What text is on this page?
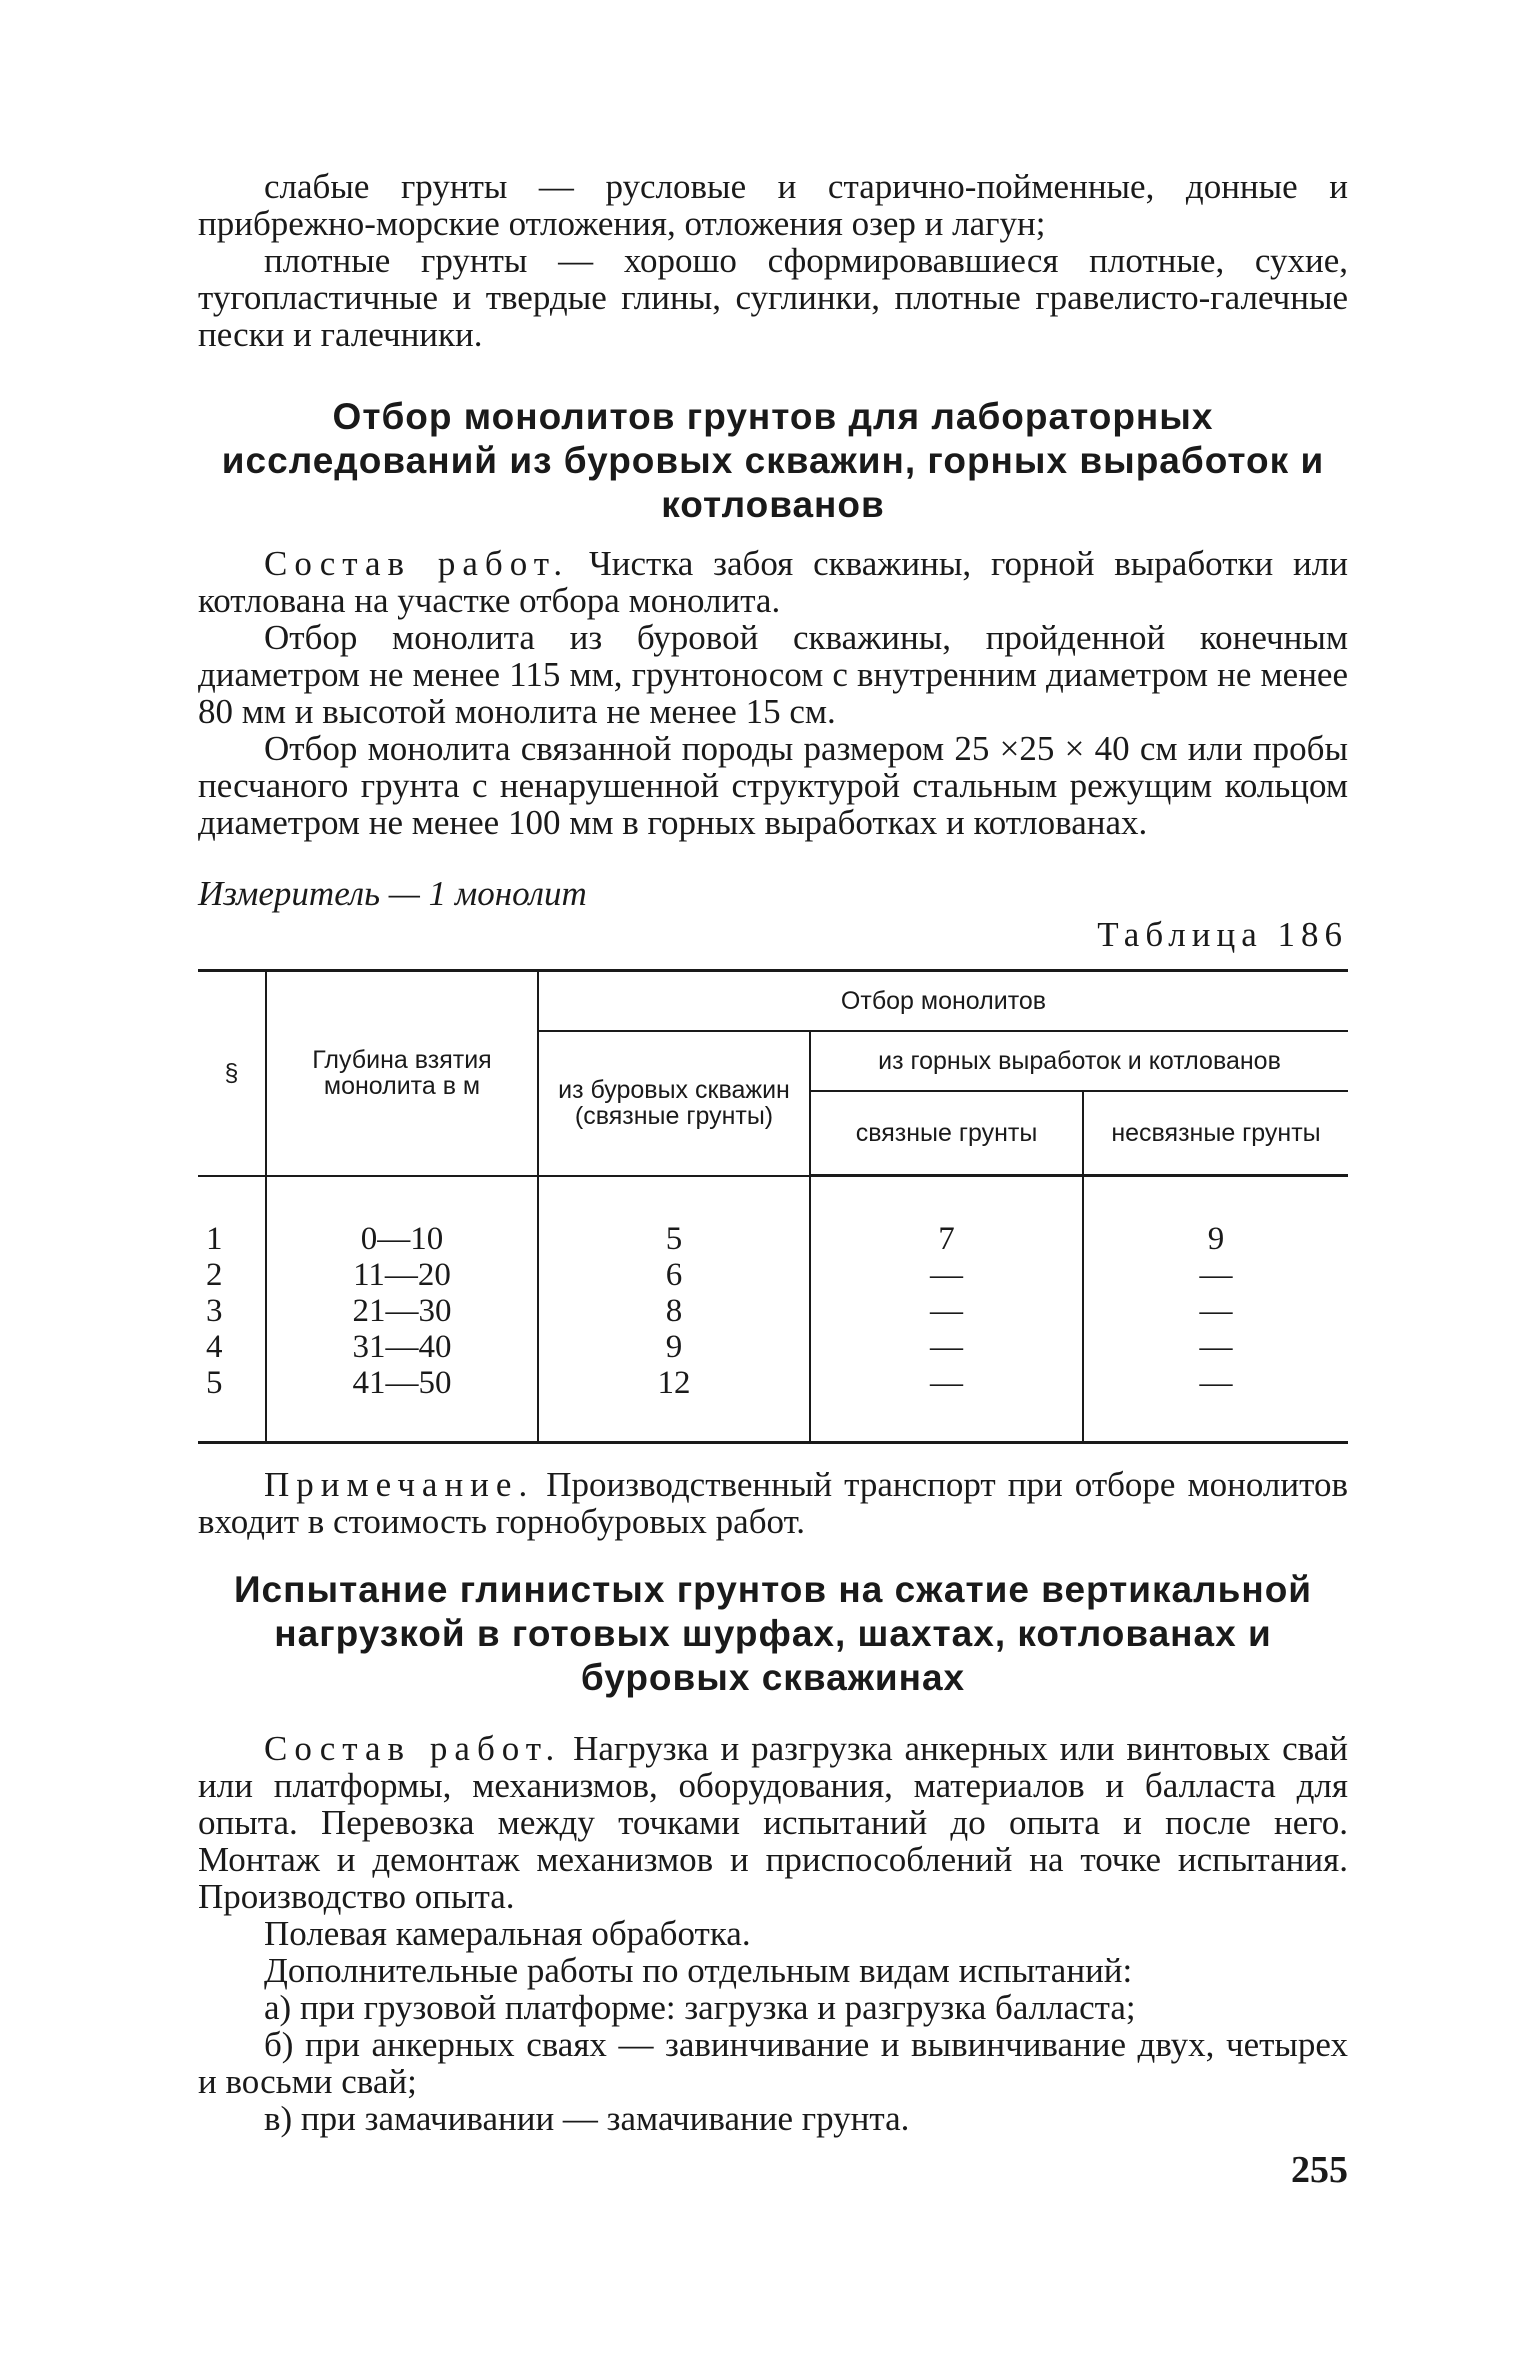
слабые грунты — русловые и старично-пойменные, донные и прибрежно-морские отложения, отложения озер и лагун;

плотные грунты — хорошо сформировавшиеся плотные, сухие, тугопластичные и твердые глины, суглинки, плотные гравелисто-галечные пески и галечники.

Отбор монолитов грунтов для лабораторных исследований из буровых скважин, горных выработок и котлованов

Состав работ. Чистка забоя скважины, горной выработки или котлована на участке отбора монолита.

Отбор монолита из буровой скважины, пройденной конечным диаметром не менее 115 мм, грунтоносом с внутренним диаметром не менее 80 мм и высотой монолита не менее 15 см.

Отбор монолита связанной породы размером 25 ×25 × 40 см или пробы песчаного грунта с ненарушенной структурой стальным режущим кольцом диаметром не менее 100 мм в горных выработках и котлованах.

Измеритель — 1 монолит

Таблица 186

§	Глубина взятия монолита в м	Отбор монолитов		
		из буровых скважин (связные грунты)	из горных выработок и котлованов	
			связные грунты	несвязные грунты
1	0—10	5	7	9
2	11—20	6	—	—
3	21—30	8	—	—
4	31—40	9	—	—
5	41—50	12	—	—

Примечание. Производственный транспорт при отборе монолитов входит в стоимость горнобуровых работ.

Испытание глинистых грунтов на сжатие вертикальной нагрузкой в готовых шурфах, шахтах, котлованах и буровых скважинах

Состав работ. Нагрузка и разгрузка анкерных или винтовых свай или платформы, механизмов, оборудования, материалов и балласта для опыта. Перевозка между точками испытаний до опыта и после него. Монтаж и демонтаж механизмов и приспособлений на точке испытания. Производство опыта.

Полевая камеральная обработка.

Дополнительные работы по отдельным видам испытаний:

а) при грузовой платформе: загрузка и разгрузка балласта;

б) при анкерных сваях — завинчивание и вывинчивание двух, четырех и восьми свай;

в) при замачивании — замачивание грунта.

255
